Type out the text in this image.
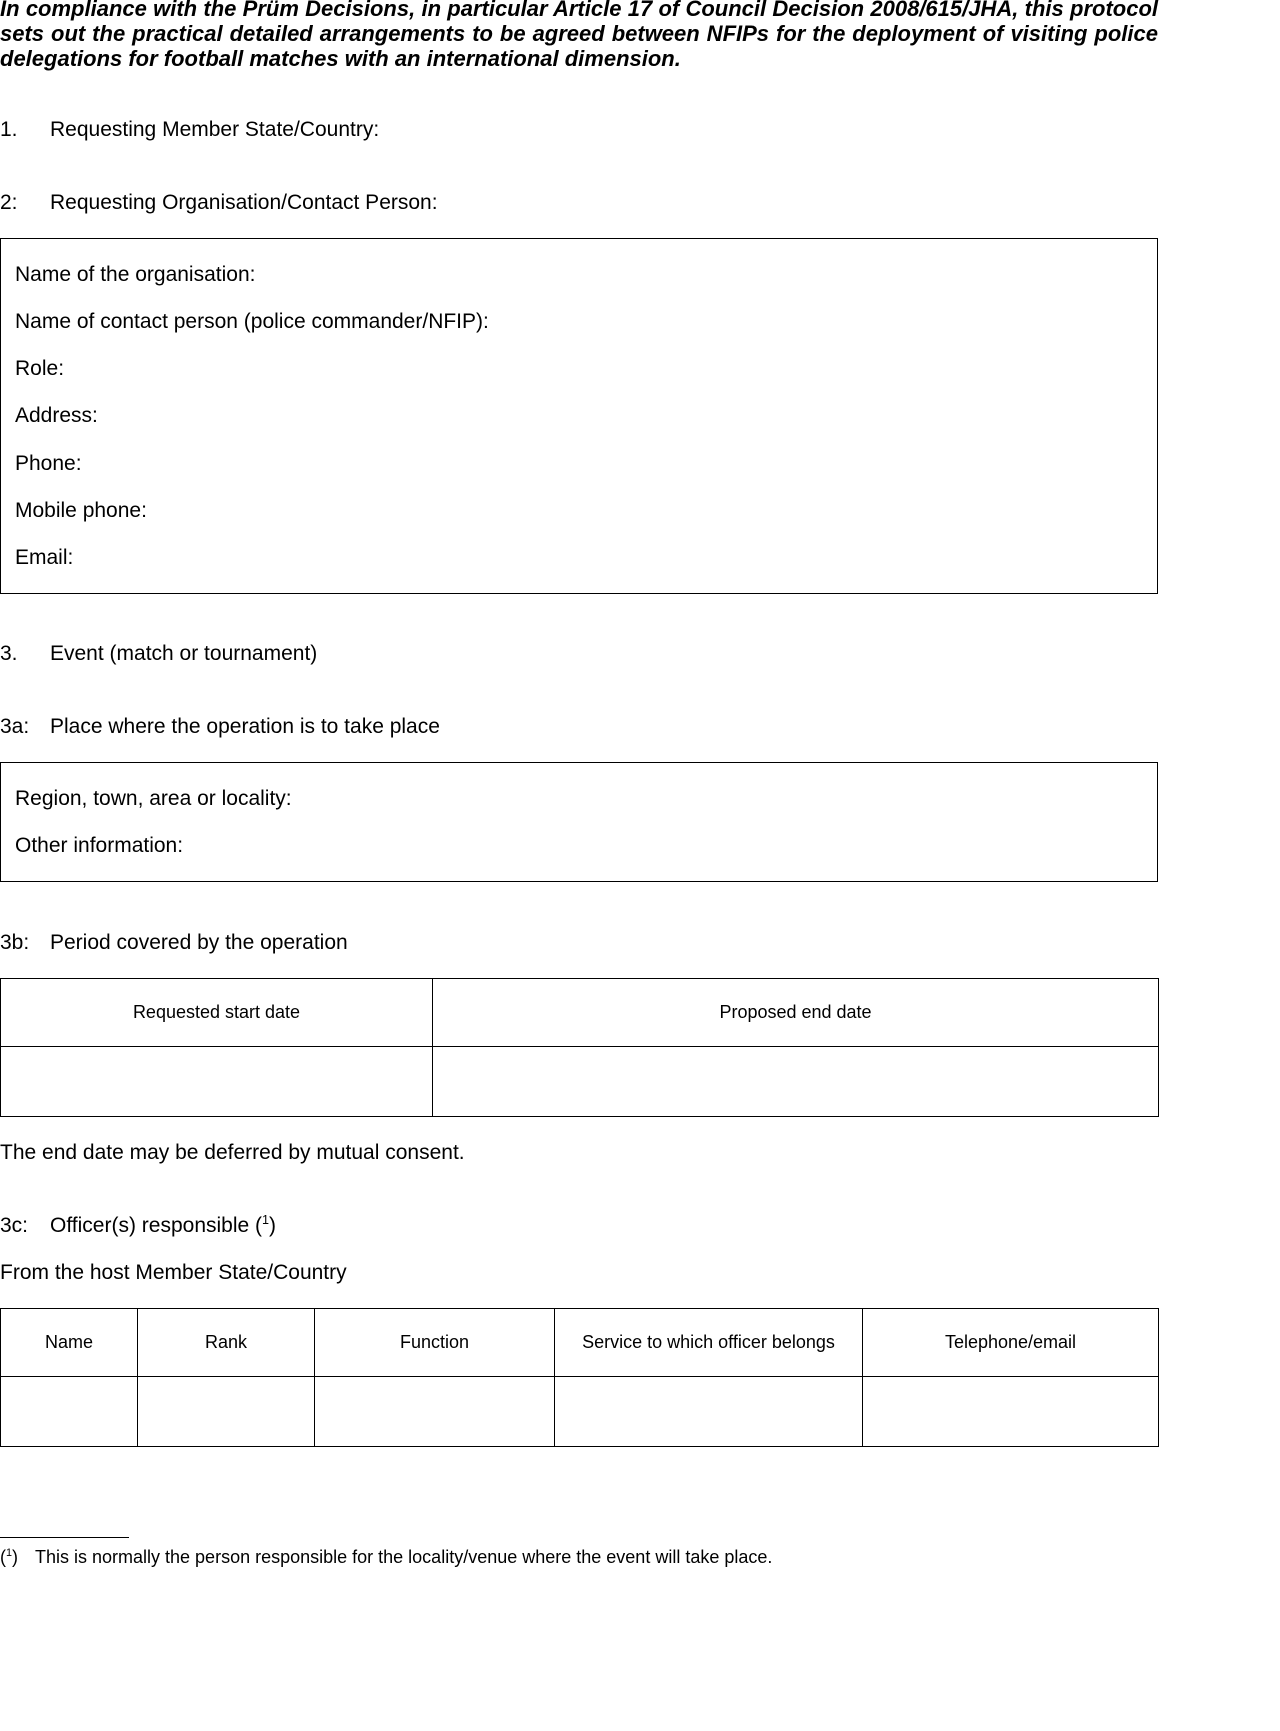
In compliance with the Prüm Decisions, in particular Article 17 of Council Decision 2008/615/JHA, this protocol sets out the practical detailed arrangements to be agreed between NFIPs for the deployment of visiting police delegations for football matches with an international dimension.

1. Requesting Member State/Country:
2: Requesting Organisation/Contact Person:
Name of the organisation:
Name of contact person (police commander/NFIP):
Role:
Address:
Phone:
Mobile phone:
Email:
3. Event (match or tournament)
3a: Place where the operation is to take place
Region, town, area or locality:
Other information:
3b: Period covered by the operation
Requested start date	Proposed end date

The end date may be deferred by mutual consent.
3c: Officer(s) responsible ($^1$)
From the host Member State/Country
Name	Rank	Function	Service to which officer belongs	Telephone/email

($^1$) This is normally the person responsible for the locality/venue where the event will take place.
